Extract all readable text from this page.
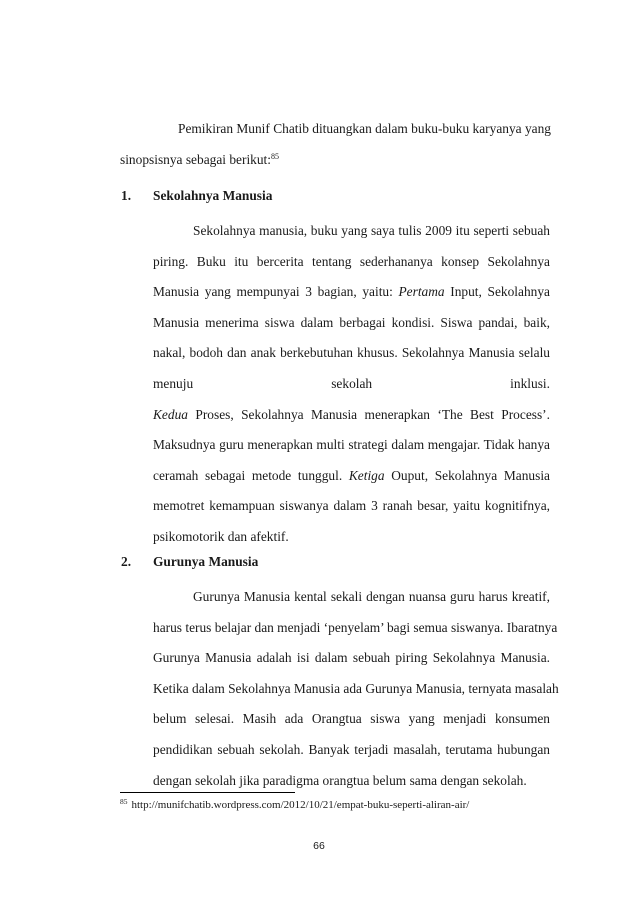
Pemikiran Munif Chatib dituangkan dalam buku-buku karyanya yang
sinopsisnya sebagai berikut:$^{85}$

1. Sekolahnya Manusia

Sekolahnya manusia, buku yang saya tulis 2009 itu seperti sebuah
piring. Buku itu bercerita tentang sederhananya konsep Sekolahnya
Manusia yang mempunyai 3 bagian, yaitu: Pertama Input, Sekolahnya
Manusia menerima siswa dalam berbagai kondisi. Siswa pandai, baik,
nakal, bodoh dan anak berkebutuhan khusus. Sekolahnya Manusia selalu
menuju	sekolah	inklusi.
Kedua Proses, Sekolahnya Manusia menerapkan ‘The Best Process’.
Maksudnya guru menerapkan multi strategi dalam mengajar. Tidak hanya
ceramah sebagai metode tunggul. Ketiga Ouput, Sekolahnya Manusia
memotret kemampuan siswanya dalam 3 ranah besar, yaitu kognitifnya,
psikomotorik dan afektif.

2. Gurunya Manusia

Gurunya Manusia kental sekali dengan nuansa guru harus kreatif,
harus terus belajar dan menjadi ‘penyelam’ bagi semua siswanya. Ibaratnya
Gurunya Manusia adalah isi dalam sebuah piring Sekolahnya Manusia.
Ketika dalam Sekolahnya Manusia ada Gurunya Manusia, ternyata masalah
belum selesai. Masih ada Orangtua siswa yang menjadi konsumen
pendidikan sebuah sekolah. Banyak terjadi masalah, terutama hubungan
dengan sekolah jika paradigma orangtua belum sama dengan sekolah.
$^{85}$ http://munifchatib.wordpress.com/2012/10/21/empat-buku-seperti-aliran-air/
66
